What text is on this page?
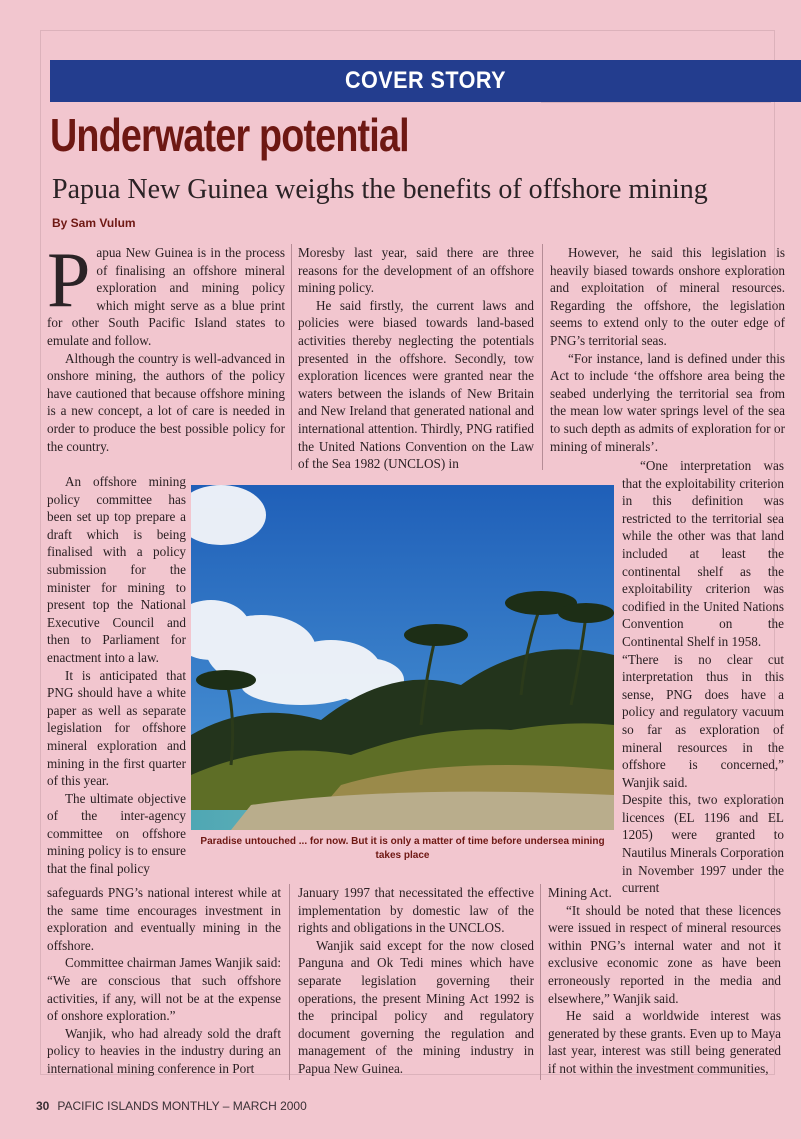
COVER STORY
Underwater potential
Papua New Guinea weighs the benefits of offshore mining
By Sam Vulum
P apua New Guinea is in the process of finalising an offshore mineral exploration and mining policy which might serve as a blue print for other South Pacific Island states to emulate and follow.

Although the country is well-advanced in onshore mining, the authors of the policy have cautioned that because offshore mining is a new concept, a lot of care is needed in order to produce the best possible policy for the country.

An offshore mining policy committee has been set up top prepare a draft which is being finalised with a policy submission for the minister for mining to present top the National Executive Council and then to Parliament for enactment into a law.

It is anticipated that PNG should have a white paper as well as separate legislation for offshore mineral exploration and mining in the first quarter of this year.

The ultimate objective of the inter-agency committee on offshore mining policy is to ensure that the final policy

safeguards PNG’s national interest while at the same time encourages investment in exploration and eventually mining in the offshore.

Committee chairman James Wanjik said: “We are conscious that such offshore activities, if any, will not be at the expense of onshore exploration.”

Wanjik, who had already sold the draft policy to heavies in the industry during an international mining conference in Port

Moresby last year, said there are three reasons for the development of an offshore mining policy.

He said firstly, the current laws and policies were biased towards land-based activities thereby neglecting the potentials presented in the offshore. Secondly, tow exploration licences were granted near the waters between the islands of New Britain and New Ireland that generated national and international attention. Thirdly, PNG ratified the United Nations Convention on the Law of the Sea 1982 (UNCLOS) in

January 1997 that necessitated the effective implementation by domestic law of the rights and obligations in the UNCLOS.

Wanjik said except for the now closed Panguna and Ok Tedi mines which have separate legislation governing their operations, the present Mining Act 1992 is the principal policy and regulatory document governing the regulation and management of the mining industry in Papua New Guinea.

However, he said this legislation is heavily biased towards onshore exploration and exploitation of mineral resources. Regarding the offshore, the legislation seems to extend only to the outer edge of PNG’s territorial seas.

“For instance, land is defined under this Act to include ‘the offshore area being the seabed underlying the territorial sea from the mean low water springs level of the sea to such depth as admits of exploration for or mining of minerals’.

“One interpretation was that the exploitability criterion in this definition was restricted to the territorial sea while the other was that land included at least the continental shelf as the exploitability criterion was codified in the United Nations Convention on the Continental Shelf in 1958.

“There is no clear cut interpretation thus in this sense, PNG does have a policy and regulatory vacuum so far as exploration of mineral resources in the offshore is concerned,” Wanjik said.

Despite this, two exploration licences (EL 1196 and EL 1205) were granted to Nautilus Minerals Corporation in November 1997 under the current

Mining Act.

“It should be noted that these licences were issued in respect of mineral resources within PNG’s internal water and not it exclusive economic zone as have been erroneously reported in the media and elsewhere,” Wanjik said.

He said a worldwide interest was generated by these grants. Even up to Maya last year, interest was still being generated if not within the investment communities,

Paradise untouched ... for now. But it is only a matter of time before undersea mining takes place
30 PACIFIC ISLANDS MONTHLY – MARCH 2000
